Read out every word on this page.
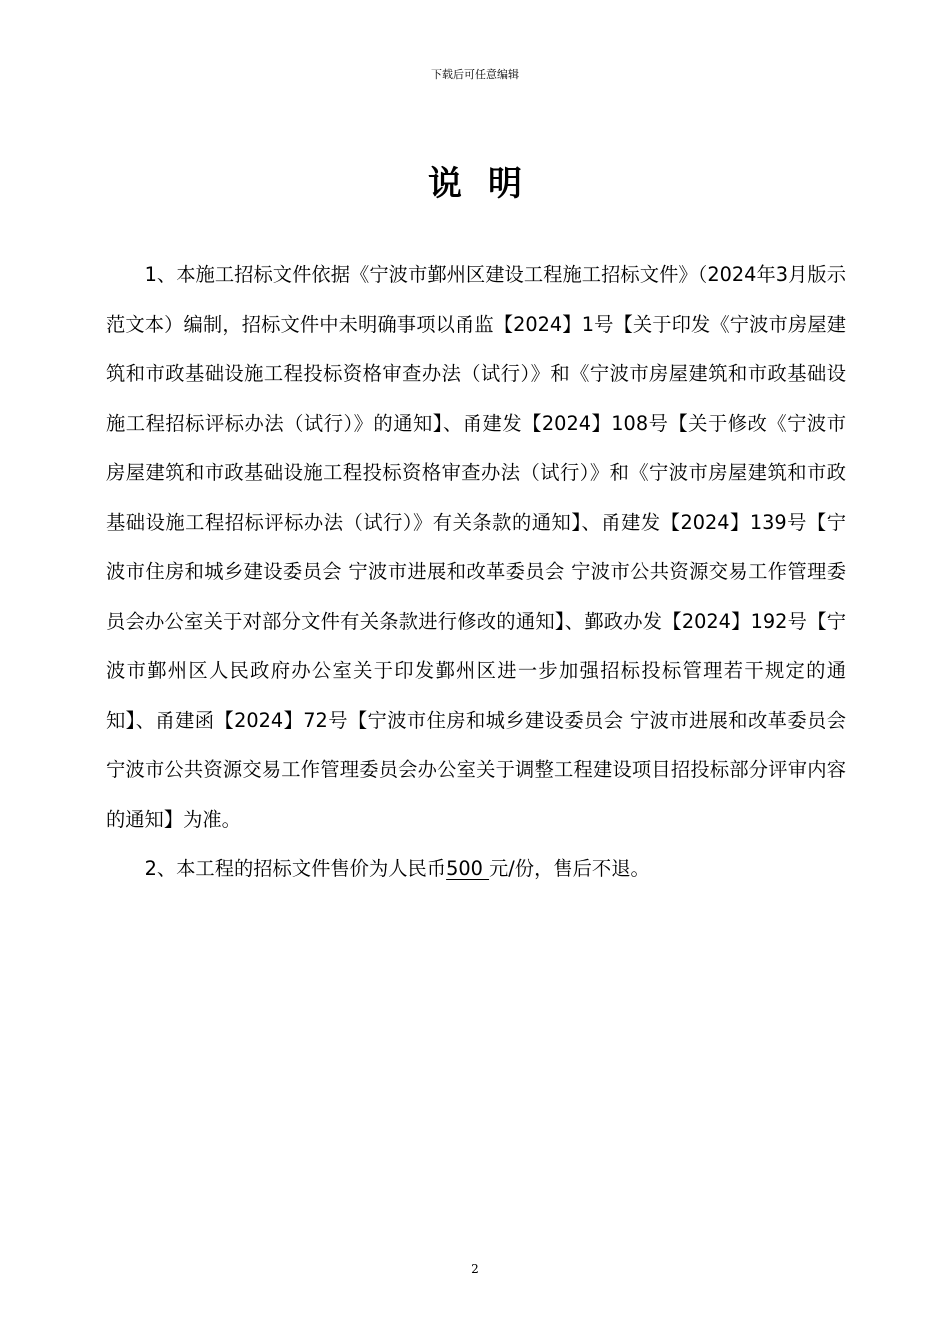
下载后可任意编辑
说明

1、本施工招标文件依据《宁波市鄞州区建设工程施工招标文件》（2024年3月版示范文本）编制，招标文件中未明确事项以甬监【2024】1号【关于印发《宁波市房屋建筑和市政基础设施工程投标资格审查办法（试行）》和《宁波市房屋建筑和市政基础设施工程招标评标办法（试行）》的通知】、甬建发【2024】108号【关于修改《宁波市房屋建筑和市政基础设施工程投标资格审查办法（试行）》和《宁波市房屋建筑和市政基础设施工程招标评标办法（试行）》有关条款的通知】、甬建发【2024】139号【宁波市住房和城乡建设委员会 宁波市进展和改革委员会 宁波市公共资源交易工作管理委员会办公室关于对部分文件有关条款进行修改的通知】、鄞政办发【2024】192号【宁波市鄞州区人民政府办公室关于印发鄞州区进一步加强招标投标管理若干规定的通知】、甬建函【2024】72号【宁波市住房和城乡建设委员会 宁波市进展和改革委员会 宁波市公共资源交易工作管理委员会办公室关于调整工程建设项目招投标部分评审内容的通知】为准。

2、本工程的招标文件售价为人民币500 元/份，售后不退。

2
